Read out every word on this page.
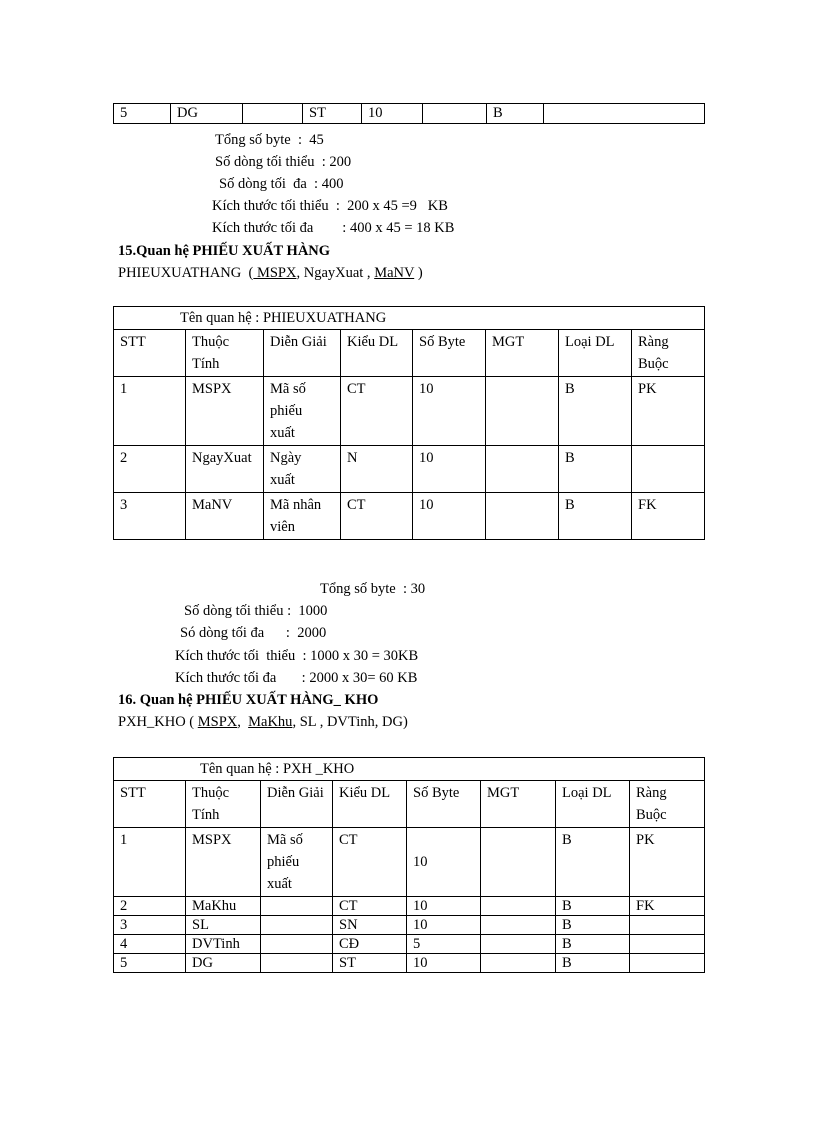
5	DG		ST	10		B	
Tổng số byte  :  45
Số dòng tối thiểu  : 200
Số dòng tối  đa  : 400
Kích thước tối thiểu  :  200 x 45 =9   KB
Kích thước tối đa        : 400 x 45 = 18 KB
15.Quan hệ PHIẾU XUẤT HÀNG
PHIEUXUATHANG  ( MSPX, NgayXuat , MaNV )
Tên quan hệ : PHIEUXUATHANG							
STT	Thuộc Tính	Diễn Giải	Kiểu DL	Số Byte	MGT	Loại DL	Ràng Buộc
1	MSPX	Mã số phiếu xuất	CT	10		B	PK
2	NgayXuat	Ngày xuất	N	10		B	
3	MaNV	Mã nhân viên	CT	10		B	FK
Tổng số byte  : 30
Số dòng tối thiểu :  1000
Só dòng tối đa      :  2000
Kích thước tối  thiểu  : 1000 x 30 = 30KB
Kích thước tối đa       : 2000 x 30= 60 KB
16. Quan hệ PHIẾU XUẤT HÀNG_ KHO
PXH_KHO ( MSPX,  MaKhu, SL , DVTinh, DG)
Tên quan hệ : PXH _KHO							
STT	Thuộc Tính	Diễn Giải	Kiểu DL	Số Byte	MGT	Loại DL	Ràng Buộc
1	MSPX	Mã số phiếu xuất	CT	10		B	PK
2	MaKhu		CT	10		B	FK
3	SL		SN	10		B	
4	DVTinh		CĐ	5		B	
5	DG		ST	10		B	
